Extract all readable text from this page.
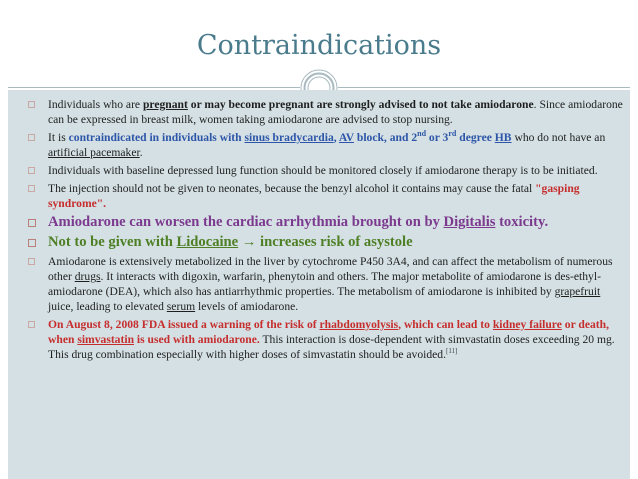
Contraindications
Individuals who are pregnant or may become pregnant are strongly advised to not take amiodarone. Since amiodarone can be expressed in breast milk, women taking amiodarone are advised to stop nursing.
It is contraindicated in individuals with sinus bradycardia, AV block, and 2nd or 3rd degree HB who do not have an artificial pacemaker.
Individuals with baseline depressed lung function should be monitored closely if amiodarone therapy is to be initiated.
The injection should not be given to neonates, because the benzyl alcohol it contains may cause the fatal "gasping syndrome".
Amiodarone can worsen the cardiac arrhythmia brought on by Digitalis toxicity.
Not to be given with Lidocaine → increases risk of asystole
Amiodarone is extensively metabolized in the liver by cytochrome P450 3A4, and can affect the metabolism of numerous other drugs. It interacts with digoxin, warfarin, phenytoin and others. The major metabolite of amiodarone is des-ethyl-amiodarone (DEA), which also has antiarrhythmic properties. The metabolism of amiodarone is inhibited by grapefruit juice, leading to elevated serum levels of amiodarone.
On August 8, 2008 FDA issued a warning of the risk of rhabdomyolysis, which can lead to kidney failure or death, when simvastatin is used with amiodarone. This interaction is dose-dependent with simvastatin doses exceeding 20 mg. This drug combination especially with higher doses of simvastatin should be avoided.[11]
